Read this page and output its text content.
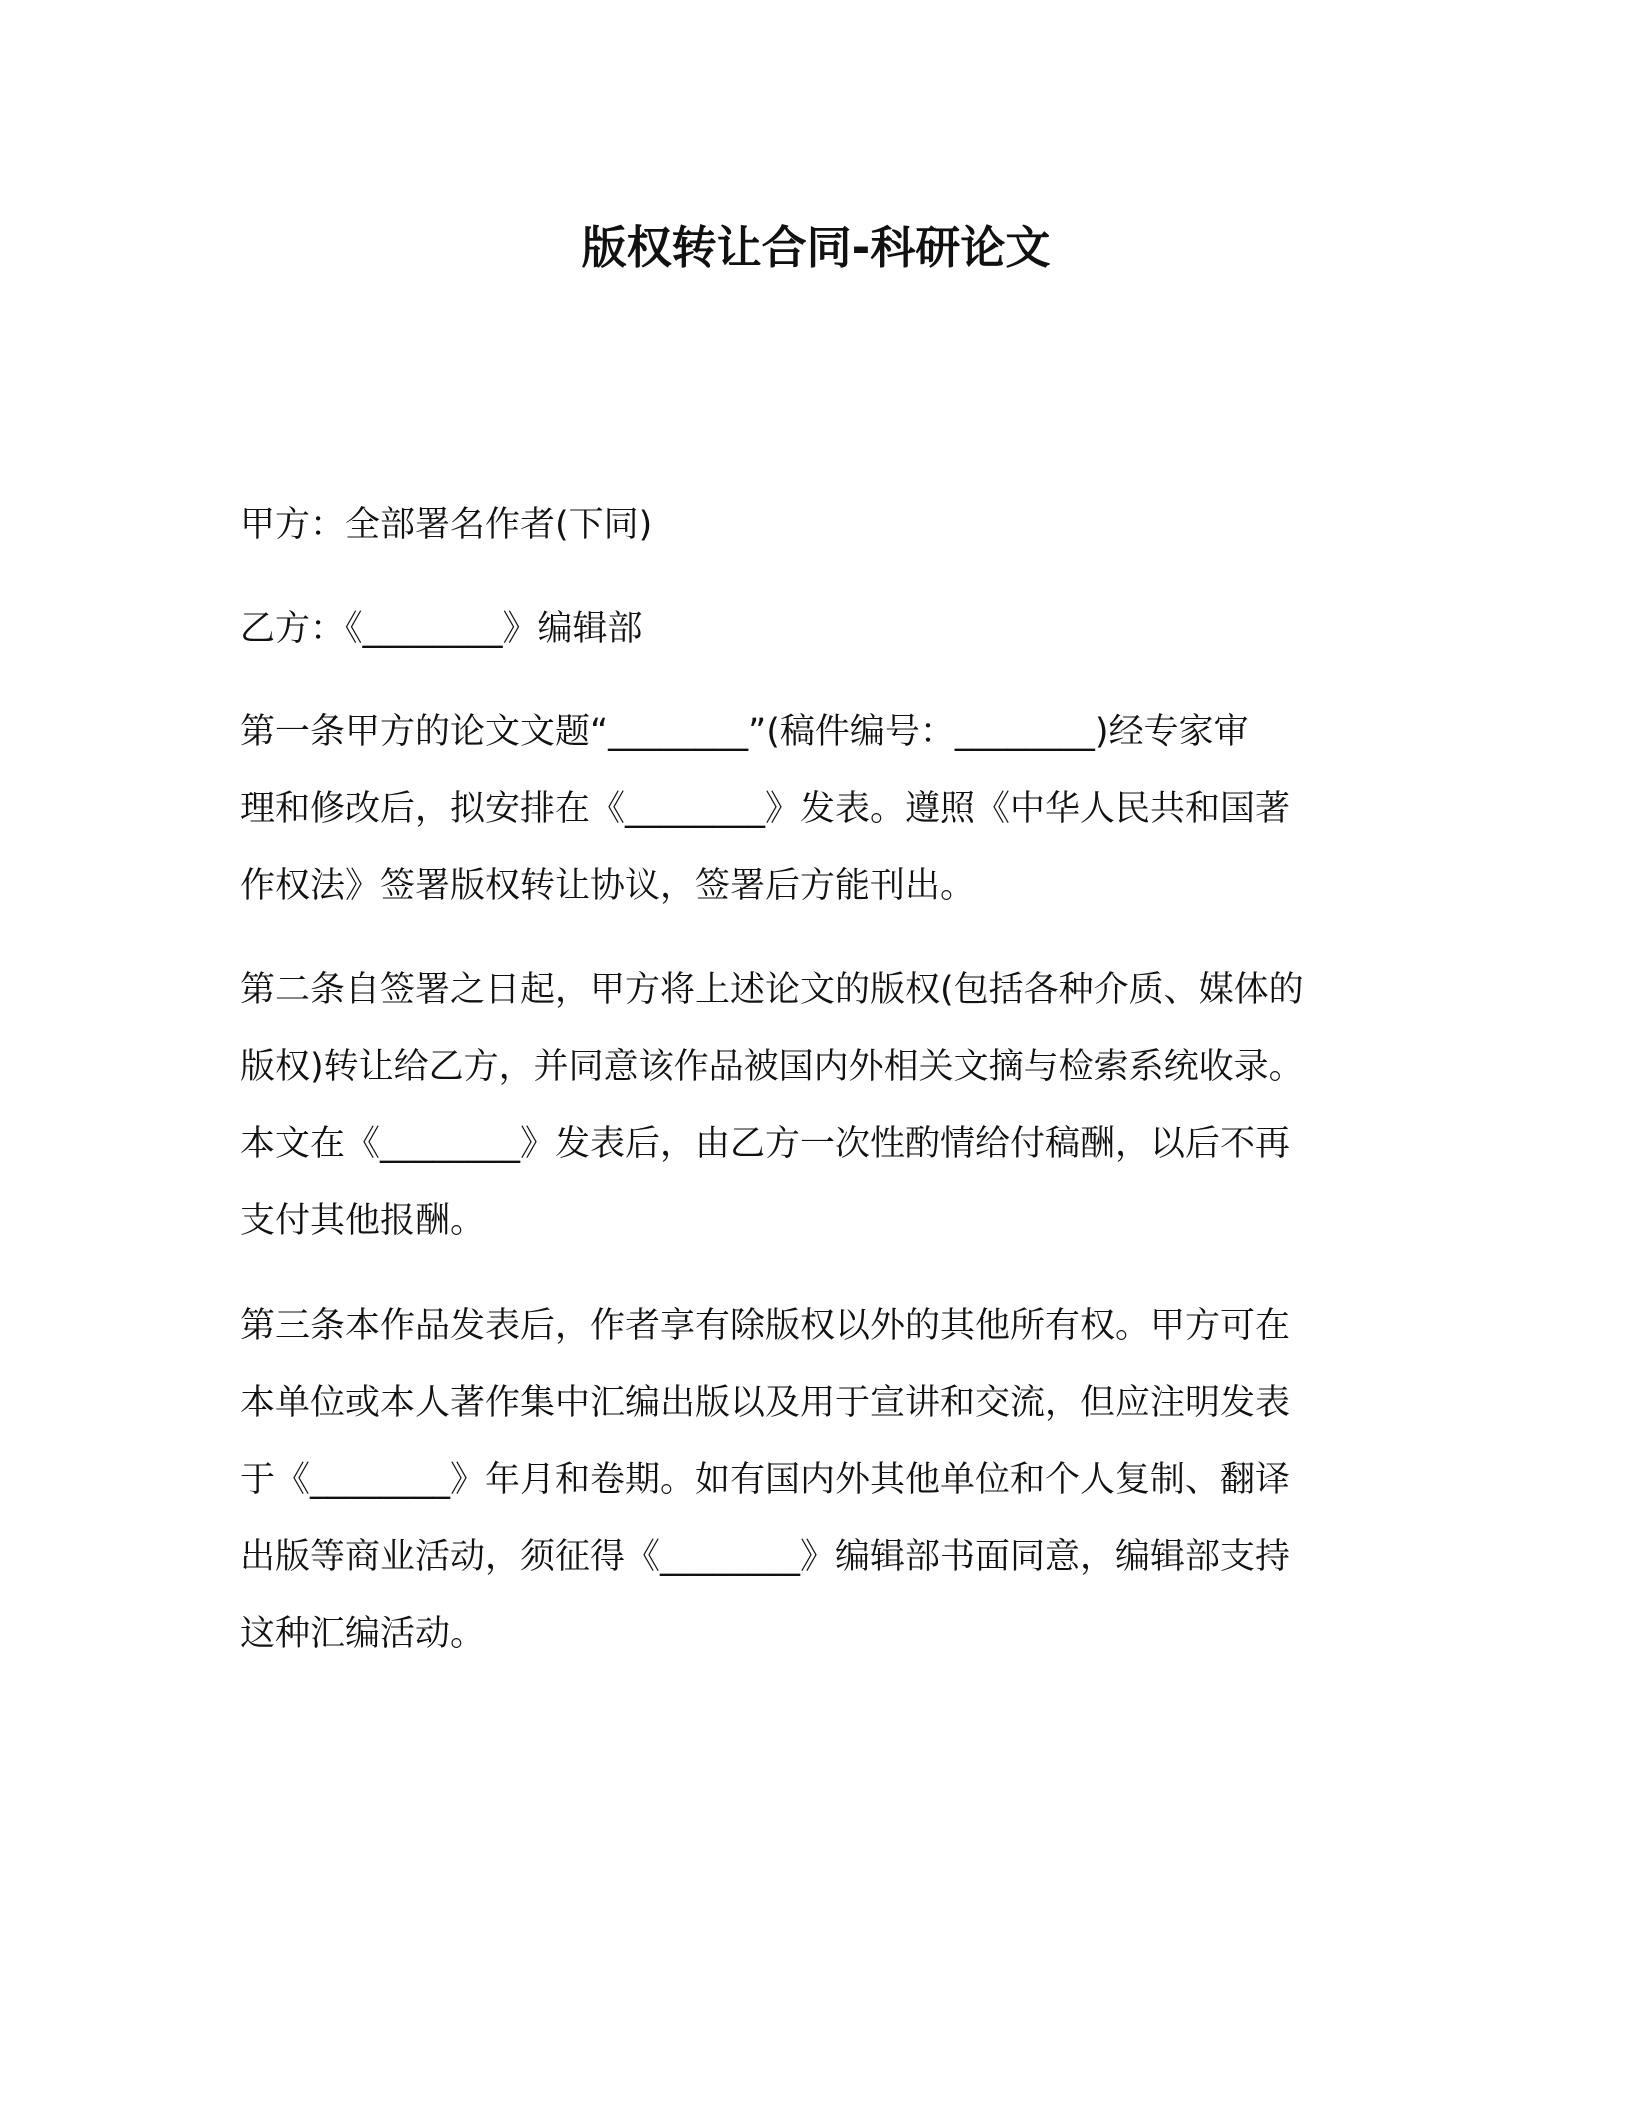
版权转让合同-科研论文

甲方：全部署名作者(下同)

乙方：《________》编辑部

第一条甲方的论文文题“________”(稿件编号：________)经专家审
理和修改后，拟安排在《________》发表。遵照《中华人民共和国著
作权法》签署版权转让协议，签署后方能刊出。

第二条自签署之日起，甲方将上述论文的版权(包括各种介质、媒体的
版权)转让给乙方，并同意该作品被国内外相关文摘与检索系统收录。
本文在《________》发表后，由乙方一次性酌情给付稿酬，以后不再
支付其他报酬。

第三条本作品发表后，作者享有除版权以外的其他所有权。甲方可在
本单位或本人著作集中汇编出版以及用于宣讲和交流，但应注明发表
于《________》年月和卷期。如有国内外其他单位和个人复制、翻译
出版等商业活动，须征得《________》编辑部书面同意，编辑部支持
这种汇编活动。
